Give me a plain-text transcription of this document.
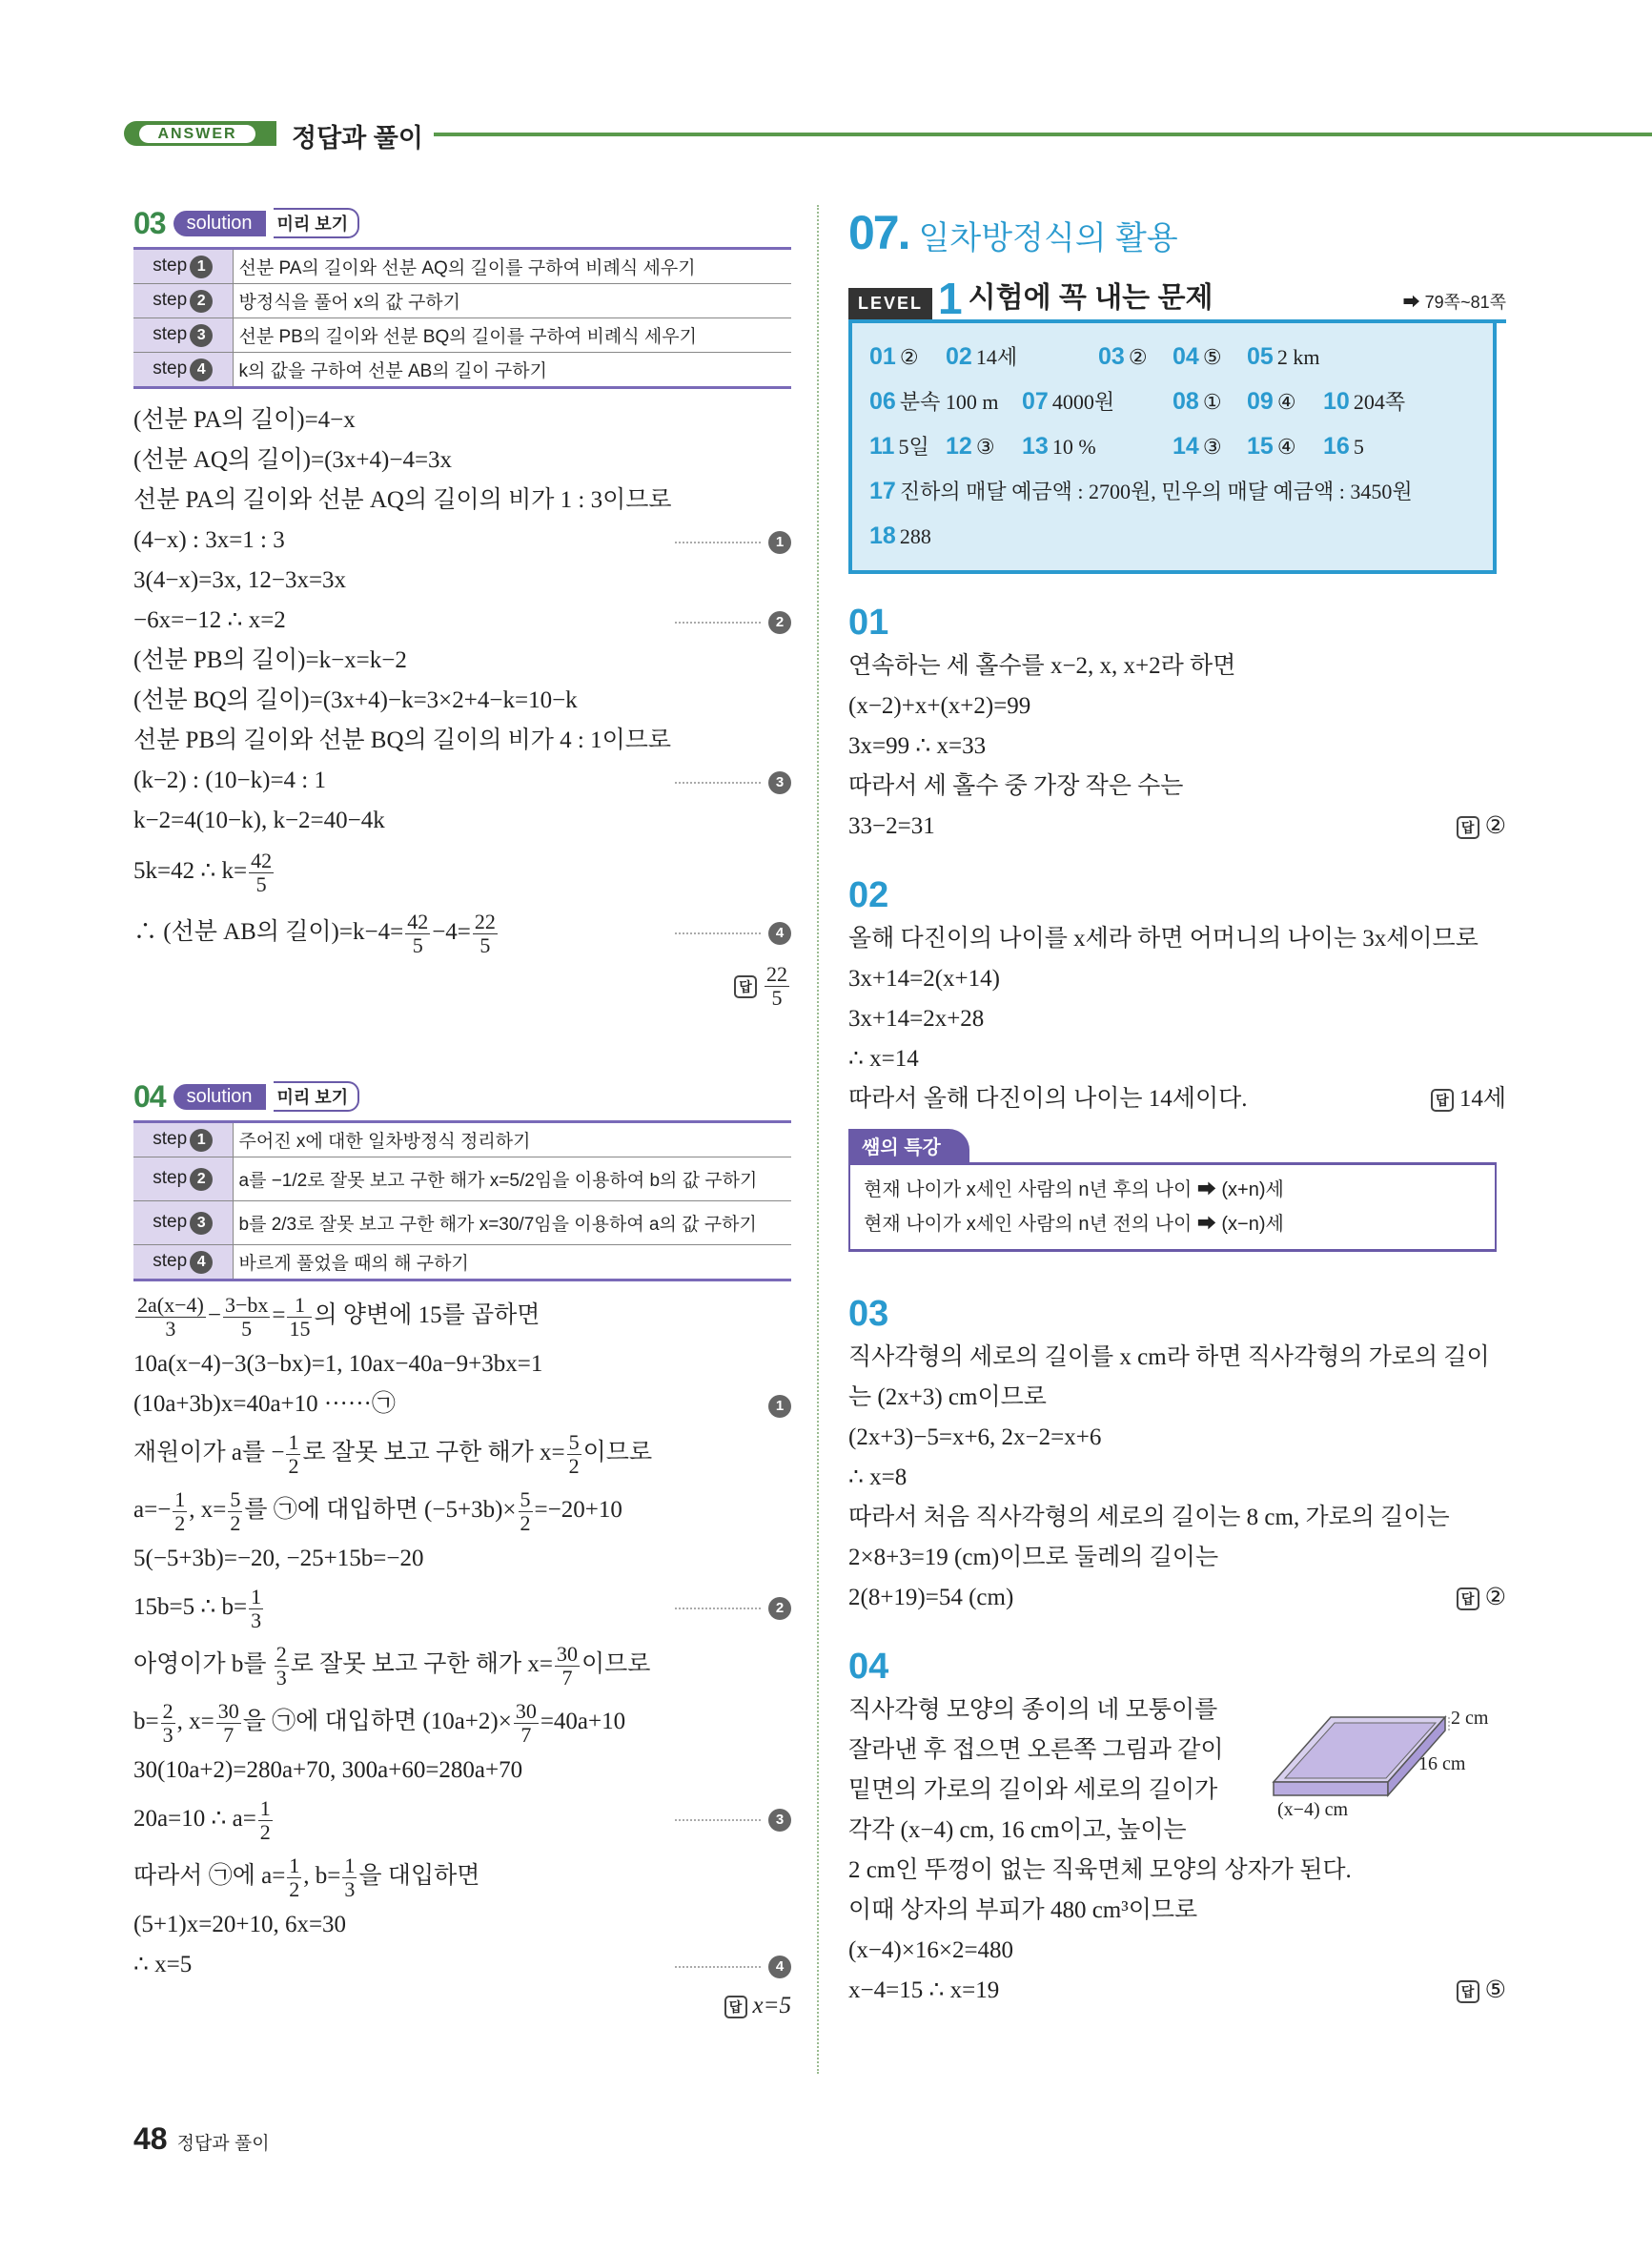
ANSWER	정답과 풀이
03	solution	미리 보기
step 1	선분 PA의 길이와 선분 AQ의 길이를 구하여 비례식 세우기
step 2	방정식을 풀어 x의 값 구하기
step 3	선분 PB의 길이와 선분 BQ의 길이를 구하여 비례식 세우기
step 4	k의 값을 구하여 선분 AB의 길이 구하기
(선분 PA의 길이)=4−x
(선분 AQ의 길이)=(3x+4)−4=3x
선분 PA의 길이와 선분 AQ의 길이의 비가 1 : 3이므로
(4−x) : 3x=1 : 3	1
3(4−x)=3x, 12−3x=3x
−6x=−12 ∴ x=2	2
(선분 PB의 길이)=k−x=k−2
(선분 BQ의 길이)=(3x+4)−k=3×2+4−k=10−k
선분 PB의 길이와 선분 BQ의 길이의 비가 4 : 1이므로
(k−2) : (10−k)=4 : 1	3
k−2=4(10−k), k−2=40−4k
5k=42 ∴ $k= \frac{42}{5}$
∴ (선분 AB의 길이)$=k-4= \frac{42}{5} -4= \frac{22}{5}$	4
답 $\frac{22}{5}$
04	solution	미리 보기
step 1	주어진 x에 대한 일차방정식 정리하기
step 2	a를 −1/2로 잘못 보고 구한 해가 x=5/2임을 이용하여 b의 값 구하기
step 3	b를 2/3로 잘못 보고 구한 해가 x=30/7임을 이용하여 a의 값 구하기
step 4	바르게 풀었을 때의 해 구하기
$\frac{2a(x-4)}{3} - \frac{3-bx}{5} = \frac{1}{15}$ 의 양변에 15를 곱하면
10a(x−4)−3(3−bx)=1, 10ax−40a−9+3bx=1
(10a+3b)x=40a+10 ······㉠	1
재원이가 a를 − $\frac{1}{2}$ 로 잘못 보고 구한 해가 $x= \frac{5}{2}$ 이므로
$a=- \frac{1}{2}$ , $x= \frac{5}{2}$ 를 ㉠에 대입하면 $(-5+3b)\times \frac{5}{2} =-20+10$
5(−5+3b)=−20, −25+15b=−20
15b=5 ∴ $b= \frac{1}{3}$	2
아영이가 b를 $\frac{2}{3}$ 로 잘못 보고 구한 해가 $x= \frac{30}{7}$ 이므로
$b= \frac{2}{3}$ , $x= \frac{30}{7}$ 을 ㉠에 대입하면 $(10a+2)\times \frac{30}{7} =40a+10$
30(10a+2)=280a+70, 300a+60=280a+70
20a=10 ∴ $a= \frac{1}{2}$	3
따라서 ㉠에 $a= \frac{1}{2}$ , $b= \frac{1}{3}$ 을 대입하면
(5+1)x=20+10, 6x=30
∴ x=5	4
답 x=5
07. 일차방정식의 활용
LEVEL 1 시험에 꼭 내는 문제	➡ 79쪽~81쪽
01 ② 02 14세	03 ② 04 ⑤ 05 2 km
06 분속 100 m 07 4000원 08 ① 09 ④ 10 204쪽
11 5일 12 ③ 13 10 %	14 ③ 15 ④ 16 5
17 진하의 매달 예금액 : 2700원, 민우의 매달 예금액 : 3450원
18 288
01
연속하는 세 홀수를 x−2, x, x+2라 하면
(x−2)+x+(x+2)=99
3x=99 ∴ x=33
따라서 세 홀수 중 가장 작은 수는
33−2=31	답 ②
02
올해 다진이의 나이를 x세라 하면 어머니의 나이는 3x세이므로
3x+14=2(x+14)
3x+14=2x+28
∴ x=14
따라서 올해 다진이의 나이는 14세이다.	답 14세
쌤의 특강
현재 나이가 x세인 사람의 n년 후의 나이 ➡ (x+n)세
현재 나이가 x세인 사람의 n년 전의 나이 ➡ (x−n)세
03
직사각형의 세로의 길이를 x cm라 하면 직사각형의 가로의 길이
는 (2x+3) cm이므로
(2x+3)−5=x+6, 2x−2=x+6
∴ x=8
따라서 처음 직사각형의 세로의 길이는 8 cm, 가로의 길이는
2×8+3=19 (cm)이므로 둘레의 길이는
2(8+19)=54 (cm)	답 ②
04
직사각형 모양의 종이의 네 모퉁이를
잘라낸 후 접으면 오른쪽 그림과 같이
밑면의 가로의 길이와 세로의 길이가
각각 (x−4) cm, 16 cm이고, 높이는
2 cm인 뚜껑이 없는 직육면체 모양의 상자가 된다.
이때 상자의 부피가 480 cm³이므로
(x−4)×16×2=480
x−4=15 ∴ x=19	답 ⑤
2 cm
16 cm
(x−4) cm
48 정답과 풀이
